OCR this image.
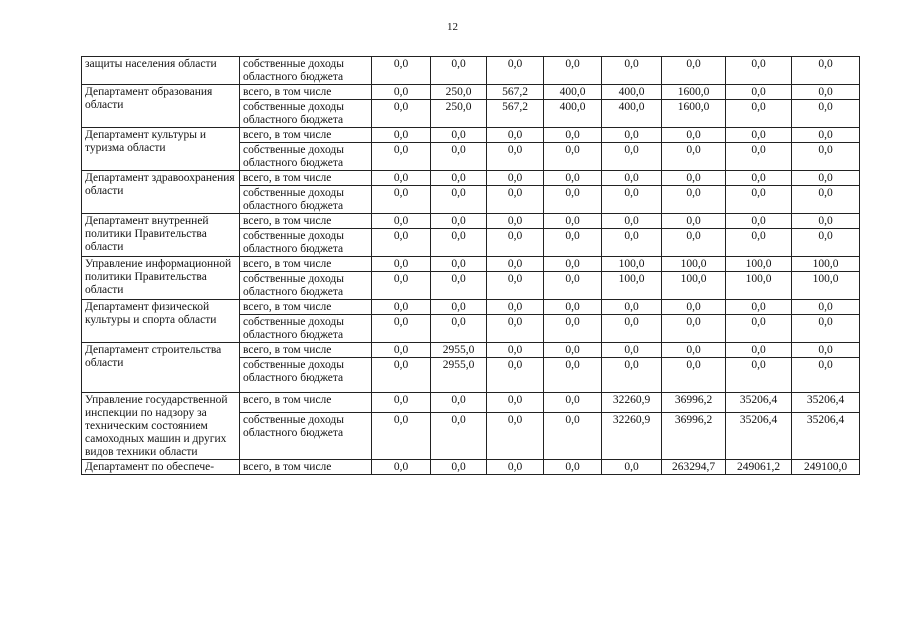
12
защиты населения области	собственные доходы областного бюджета	0,0	0,0	0,0	0,0	0,0	0,0	0,0	0,0
Департамент образования области	всего, в том числе	0,0	250,0	567,2	400,0	400,0	1600,0	0,0	0,0
	собственные доходы областного бюджета	0,0	250,0	567,2	400,0	400,0	1600,0	0,0	0,0
Департамент культуры и туризма области	всего, в том числе	0,0	0,0	0,0	0,0	0,0	0,0	0,0	0,0
	собственные доходы областного бюджета	0,0	0,0	0,0	0,0	0,0	0,0	0,0	0,0
Департамент здравоохранения области	всего, в том числе	0,0	0,0	0,0	0,0	0,0	0,0	0,0	0,0
	собственные доходы областного бюджета	0,0	0,0	0,0	0,0	0,0	0,0	0,0	0,0
Департамент внутренней политики Правительства области	всего, в том числе	0,0	0,0	0,0	0,0	0,0	0,0	0,0	0,0
	собственные доходы областного бюджета	0,0	0,0	0,0	0,0	0,0	0,0	0,0	0,0
Управление информационной политики Правительства области	всего, в том числе	0,0	0,0	0,0	0,0	100,0	100,0	100,0	100,0
	собственные доходы областного бюджета	0,0	0,0	0,0	0,0	100,0	100,0	100,0	100,0
Департамент физической культуры и спорта области	всего, в том числе	0,0	0,0	0,0	0,0	0,0	0,0	0,0	0,0
	собственные доходы областного бюджета	0,0	0,0	0,0	0,0	0,0	0,0	0,0	0,0
Департамент строительства области	всего, в том числе	0,0	2955,0	0,0	0,0	0,0	0,0	0,0	0,0
	собственные доходы областного бюджета	0,0	2955,0	0,0	0,0	0,0	0,0	0,0	0,0
Управление государственной инспекции по надзору за техническим состоянием самоходных машин и других видов техники области	всего, в том числе	0,0	0,0	0,0	0,0	32260,9	36996,2	35206,4	35206,4
	собственные доходы областного бюджета	0,0	0,0	0,0	0,0	32260,9	36996,2	35206,4	35206,4
Департамент по обеспече-	всего, в том числе	0,0	0,0	0,0	0,0	0,0	263294,7	249061,2	249100,0
